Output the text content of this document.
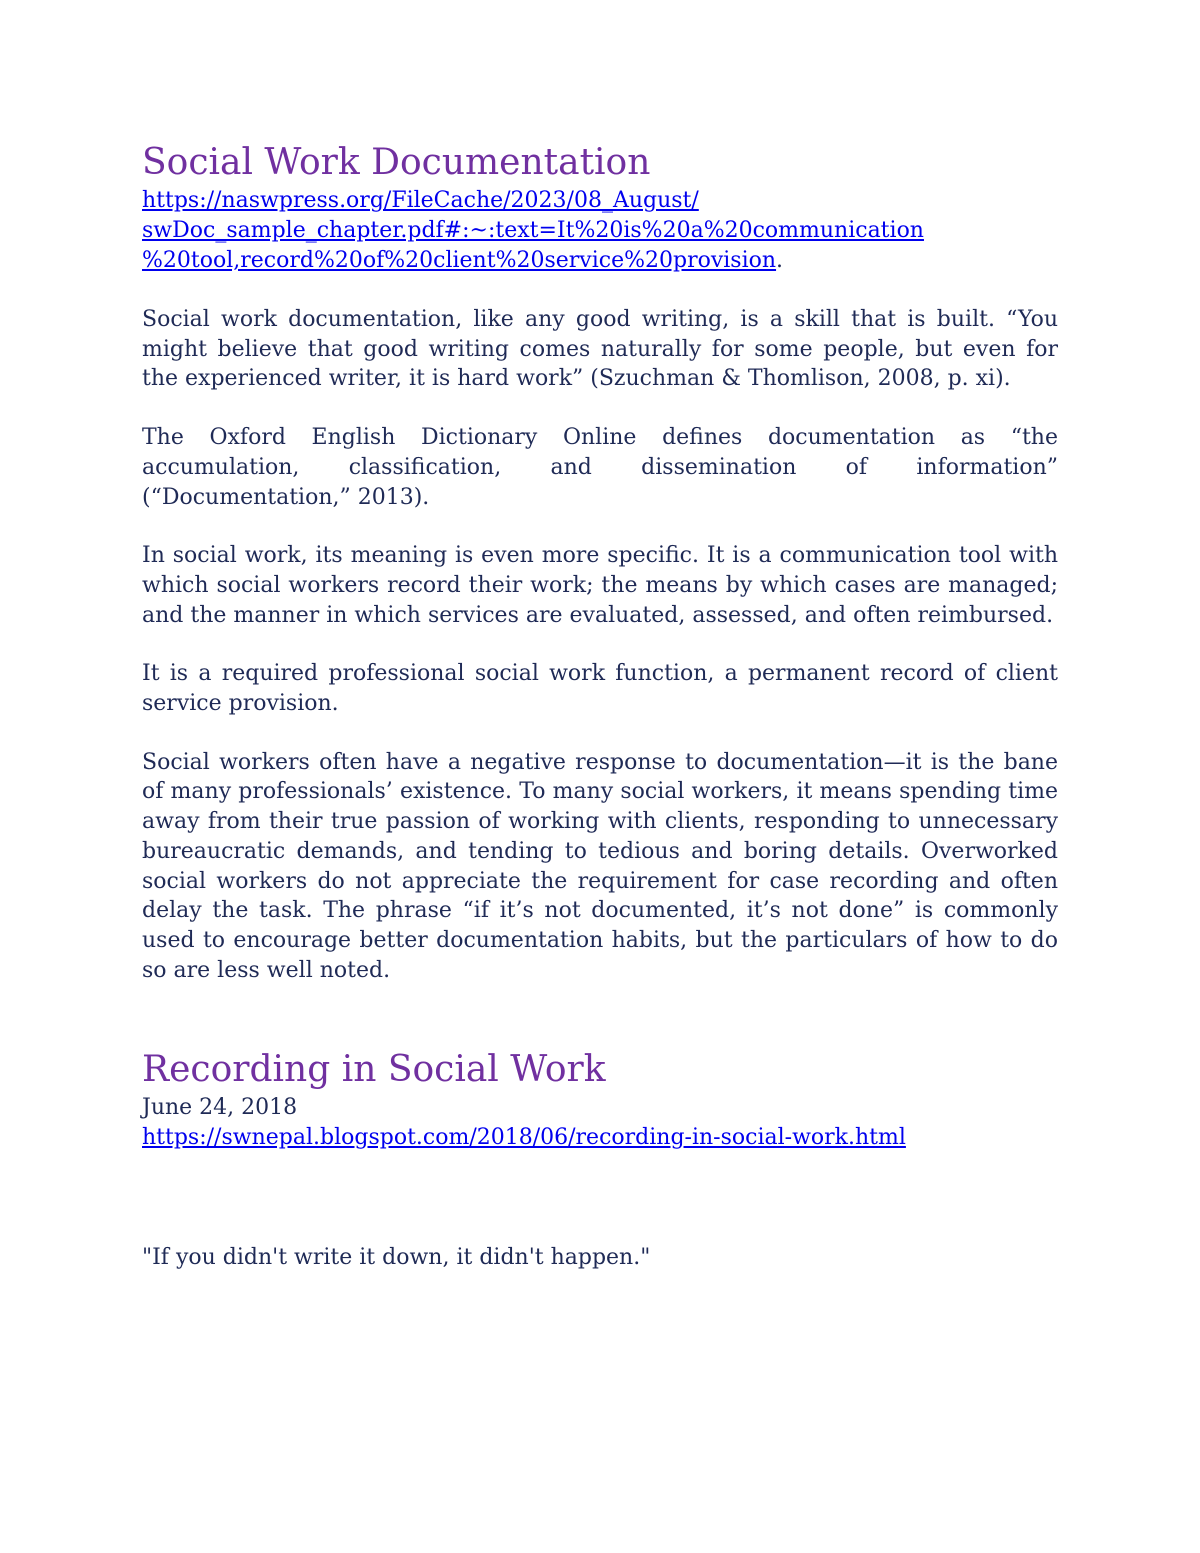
Social Work Documentation

https://naswpress.org/FileCache/2023/08_August/
swDoc_sample_chapter.pdf#:~:text=It%20is%20a%20communication
%20tool,record%20of%20client%20service%20provision.

Social work documentation, like any good writing, is a skill that is built. “You might believe that good writing comes naturally for some people, but even for the experienced writer, it is hard work” (Szuchman & Thomlison, 2008, p. xi).

The Oxford English Dictionary Online defines documentation as “the accumulation, classification, and dissemination of information” (“Documentation,” 2013).

In social work, its meaning is even more specific. It is a communication tool with which social workers record their work; the means by which cases are managed; and the manner in which services are evaluated, assessed, and often reimbursed.

It is a required professional social work function, a permanent record of client service provision.

Social workers often have a negative response to documentation—it is the bane of many professionals’ existence. To many social workers, it means spending time away from their true passion of working with clients, responding to unnecessary bureaucratic demands, and tending to tedious and boring details. Overworked social workers do not appreciate the requirement for case recording and often delay the task. The phrase “if it’s not documented, it’s not done” is commonly used to encourage better documentation habits, but the particulars of how to do so are less well noted.

Recording in Social Work

June 24, 2018

https://swnepal.blogspot.com/2018/06/recording-in-social-work.html

"If you didn't write it down, it didn't happen."
